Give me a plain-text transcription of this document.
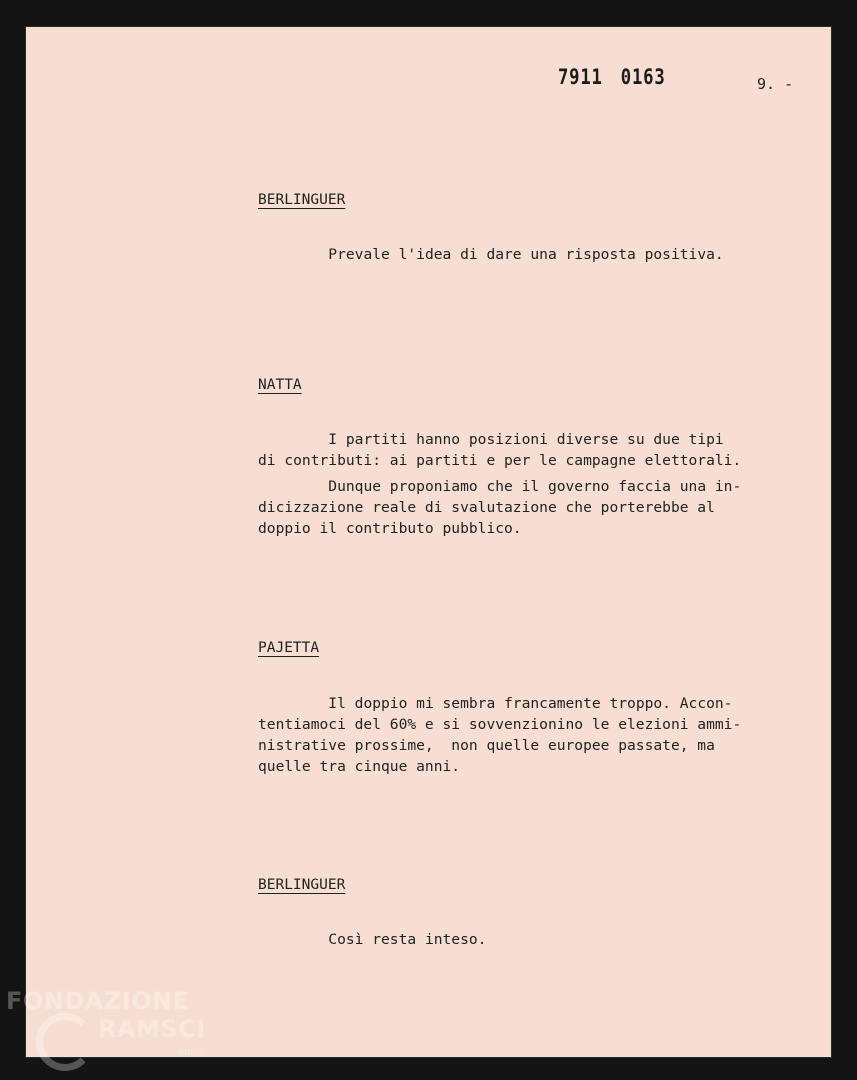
7911 0163	9. -
BERLINGUER

Prevale l'idea di dare una risposta positiva.

NATTA

I partiti hanno posizioni diverse su due tipi
di contributi: ai partiti e per le campagne elettorali.

Dunque proponiamo che il governo faccia una in-
dicizzazione reale di svalutazione che porterebbe al
doppio il contributo pubblico.

PAJETTA

Il doppio mi sembra francamente troppo. Accon-
tentiamoci del 60% e si sovvenzionino le elezioni ammi-
nistrative prossime,  non quelle europee passate, ma
quelle tra cinque anni.

BERLINGUER

Così resta inteso.

FONDAZIONE
RAMSCI
onlus
